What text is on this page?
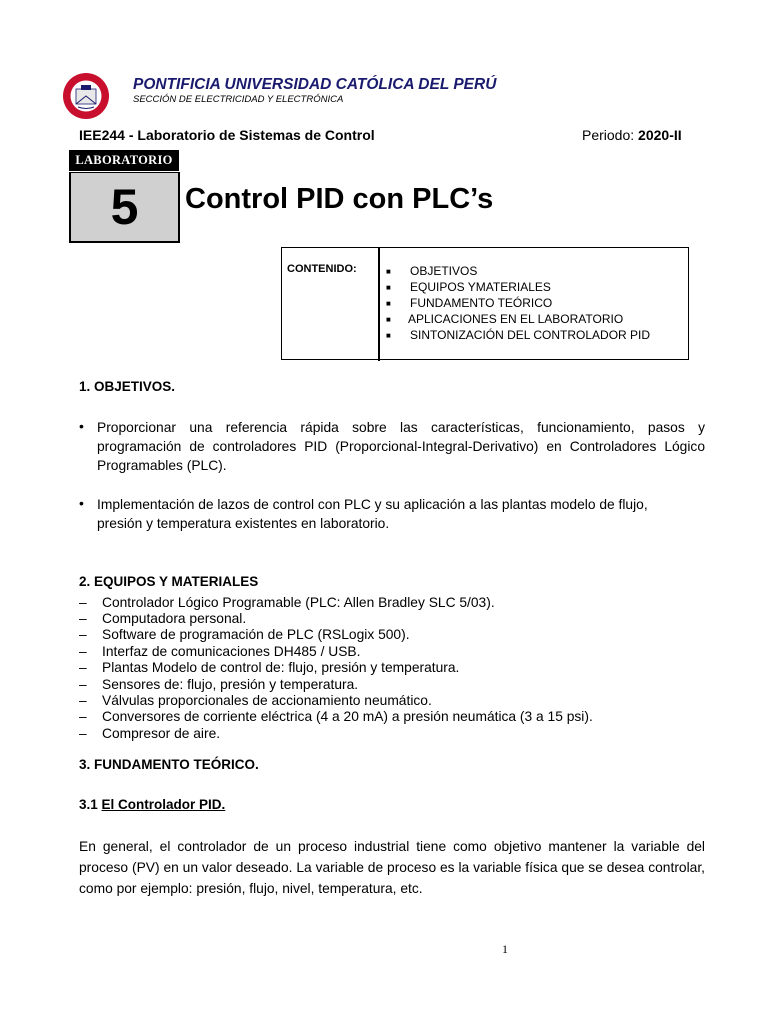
PONTIFICIA UNIVERSIDAD CATÓLICA DEL PERÚ
SECCIÓN DE ELECTRICIDAD Y ELECTRÓNICA
IEE244 - Laboratorio de Sistemas de Control	Periodo: 2020-II
LABORATORIO
5	Control PID con PLC’s
CONTENIDO:	■	OBJETIVOS
■	EQUIPOS YMATERIALES
■	FUNDAMENTO TEÓRICO
■	APLICACIONES EN EL LABORATORIO
■	SINTONIZACIÓN DEL CONTROLADOR PID
1. OBJETIVOS.
• Proporcionar una referencia rápida sobre las características, funcionamiento, pasos y programación de controladores PID (Proporcional-Integral-Derivativo) en Controladores Lógico Programables (PLC).
• Implementación de lazos de control con PLC y su aplicación a las plantas modelo de flujo, presión y temperatura existentes en laboratorio.
2. EQUIPOS Y MATERIALES
–	Controlador Lógico Programable (PLC: Allen Bradley SLC 5/03).
–	Computadora personal.
–	Software de programación de PLC (RSLogix 500).
–	Interfaz de comunicaciones DH485 / USB.
–	Plantas Modelo de control de: flujo, presión y temperatura.
–	Sensores de: flujo, presión y temperatura.
–	Válvulas proporcionales de accionamiento neumático.
–	Conversores de corriente eléctrica (4 a 20 mA) a presión neumática (3 a 15 psi).
–	Compresor de aire.
3. FUNDAMENTO TEÓRICO.
3.1 El Controlador PID.
En general, el controlador de un proceso industrial tiene como objetivo mantener la variable del proceso (PV) en un valor deseado. La variable de proceso es la variable física que se desea controlar, como por ejemplo: presión, flujo, nivel, temperatura, etc.
1
